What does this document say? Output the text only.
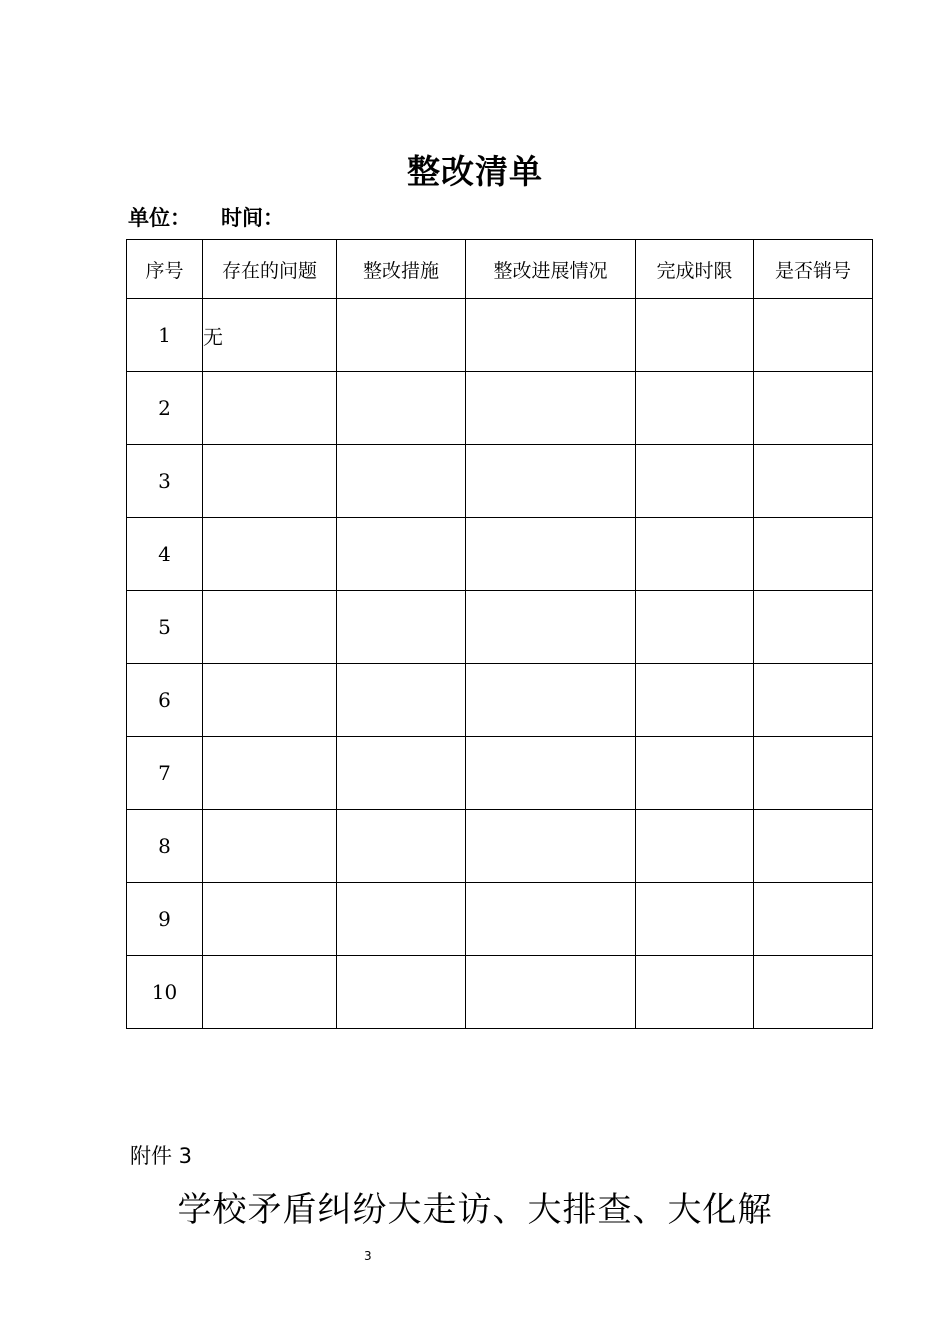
整改清单
单位： 时间：
序号	存在的问题	整改措施	整改进展情况	完成时限	是否销号
1	无				
2					
3					
4					
5					
6					
7					
8					
9					
10					
附件 3
学校矛盾纠纷大走访、大排查、大化解
3
